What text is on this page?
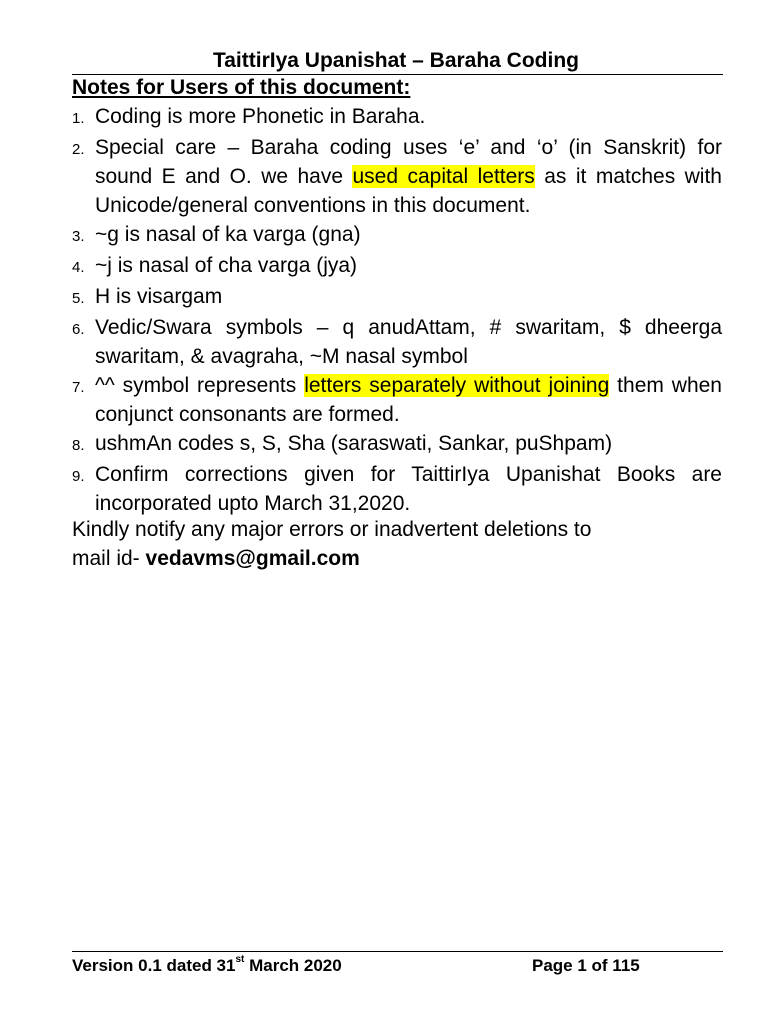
TaittirIya Upanishat – Baraha Coding
Notes for Users of this document:
1. Coding is more Phonetic in Baraha.
2. Special care – Baraha coding uses ‘e’ and ‘o’ (in Sanskrit) for sound E and O. we have used capital letters as it matches with Unicode/general conventions in this document.
3. ~g is nasal of ka varga (gna)
4. ~j is nasal of cha varga (jya)
5. H is visargam
6. Vedic/Swara symbols – q anudAttam, # swaritam, $ dheerga swaritam, & avagraha, ~M nasal symbol
7. ^^ symbol represents letters separately without joining them when conjunct consonants are formed.
8. ushmAn codes s, S, Sha (saraswati, Sankar, puShpam)
9. Confirm corrections given for TaittirIya Upanishat Books are incorporated upto March 31,2020.
Kindly notify any major errors or inadvertent deletions to
mail id- vedavms@gmail.com
Version 0.1 dated 31st March 2020	Page 1 of 115
